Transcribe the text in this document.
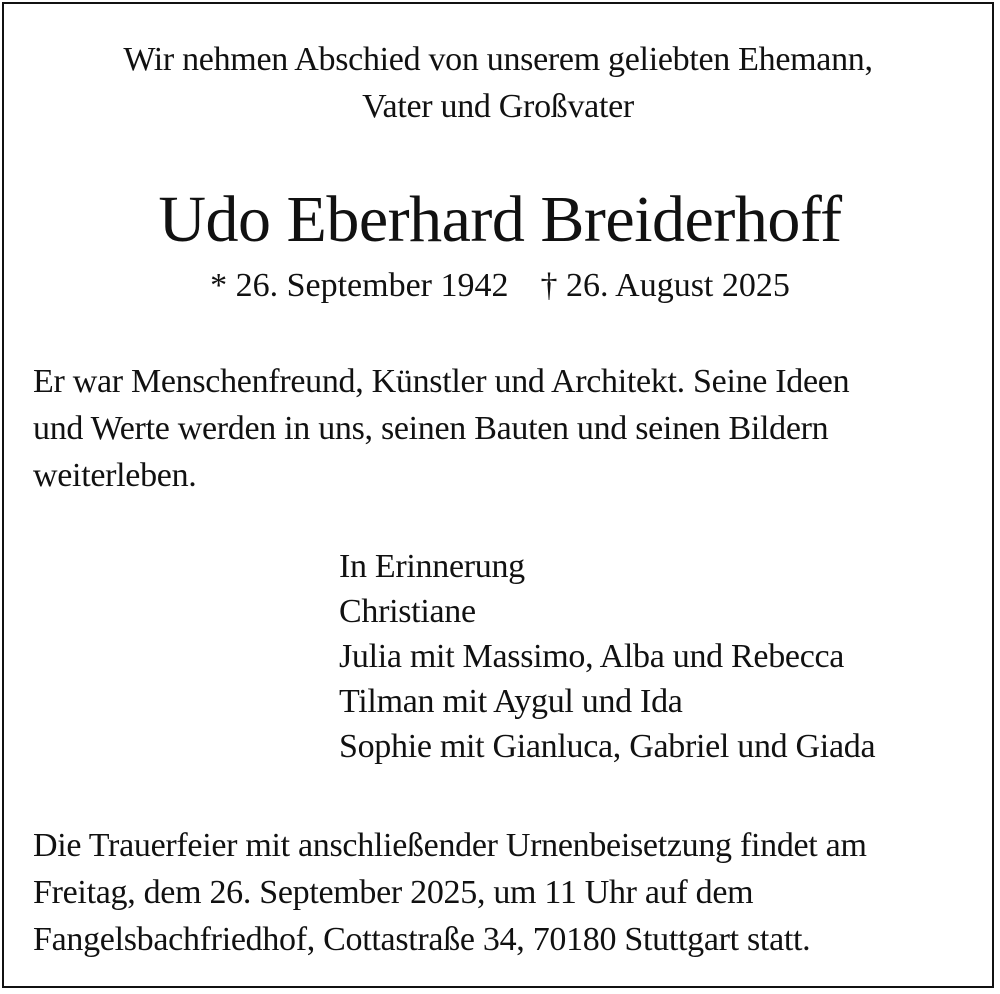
Wir nehmen Abschied von unserem geliebten Ehemann,
Vater und Großvater
Udo Eberhard Breiderhoff
* 26. September 1942 † 26. August 2025
Er war Menschenfreund, Künstler und Architekt. Seine Ideen
und Werte werden in uns, seinen Bauten und seinen Bildern
weiterleben.
In Erinnerung
Christiane
Julia mit Massimo, Alba und Rebecca
Tilman mit Aygul und Ida
Sophie mit Gianluca, Gabriel und Giada
Die Trauerfeier mit anschließender Urnenbeisetzung findet am
Freitag, dem 26. September 2025, um 11 Uhr auf dem
Fangelsbachfriedhof, Cottastraße 34, 70180 Stuttgart statt.
